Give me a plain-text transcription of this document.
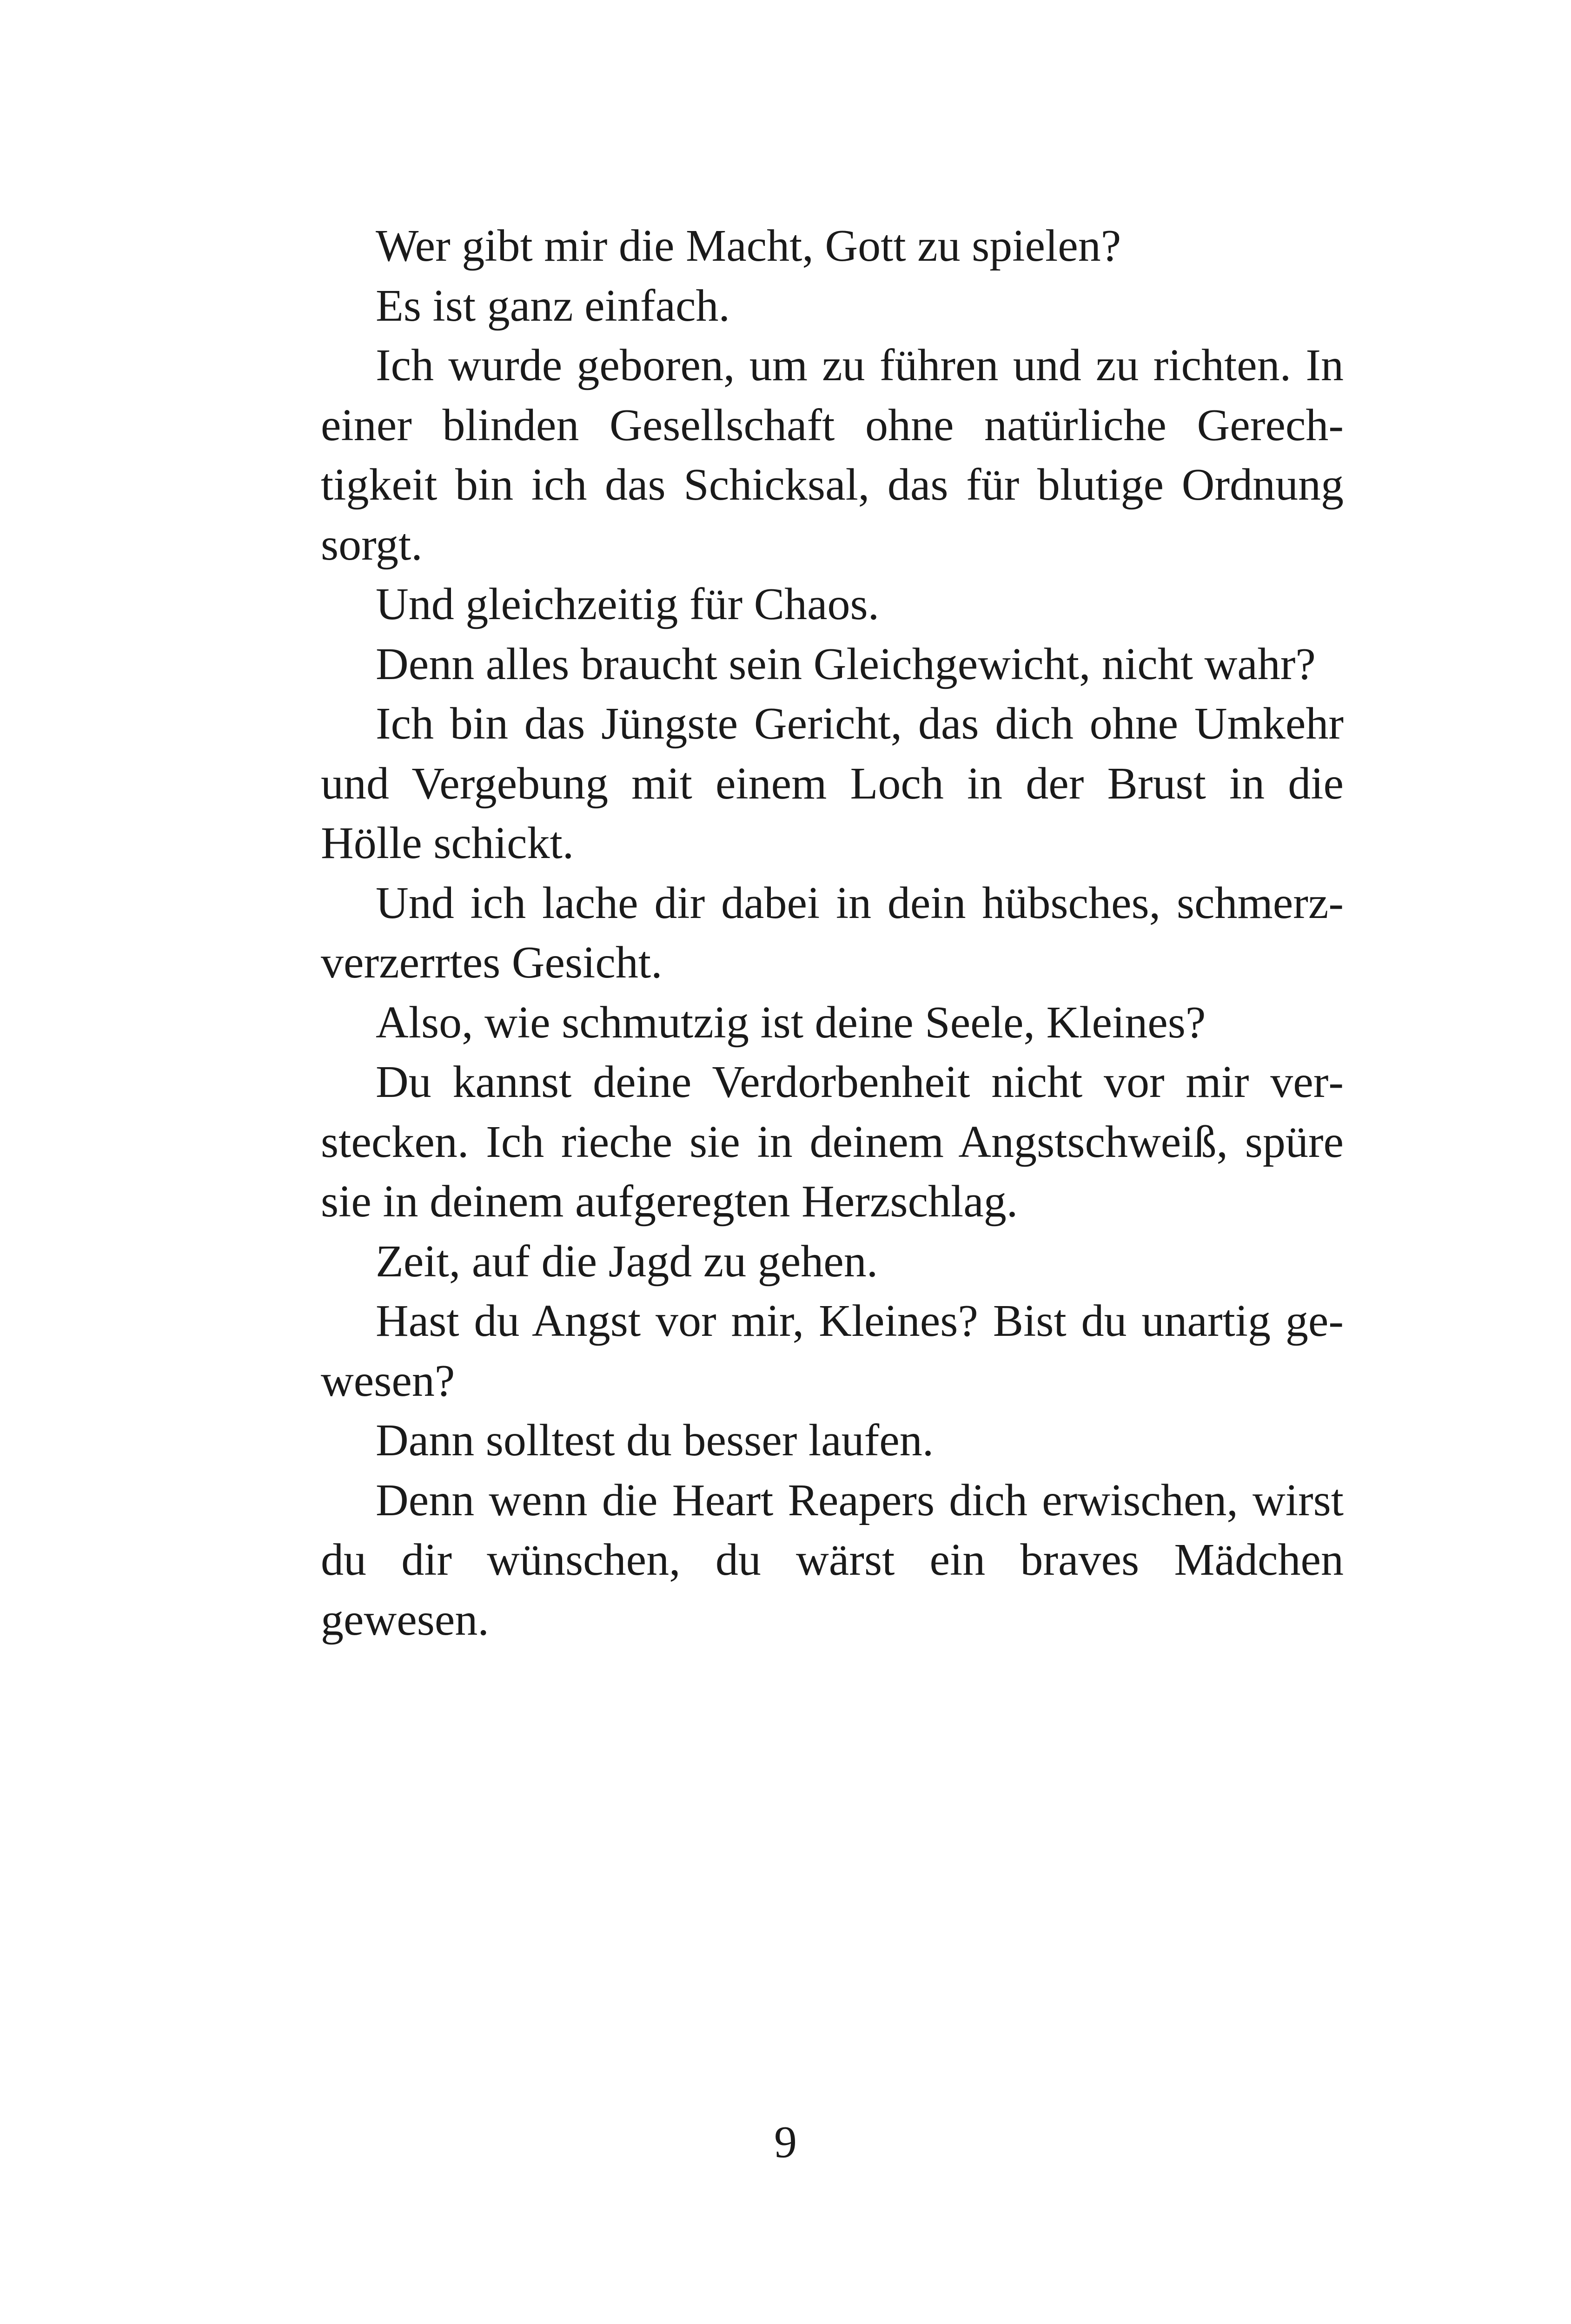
Wer gibt mir die Macht, Gott zu spielen?

Es ist ganz einfach.

Ich wurde geboren, um zu führen und zu richten. In einer blinden Gesellschaft ohne natürliche Gerechtigkeit bin ich das Schicksal, das für blutige Ordnung sorgt.

Und gleichzeitig für Chaos.

Denn alles braucht sein Gleichgewicht, nicht wahr?

Ich bin das Jüngste Gericht, das dich ohne Umkehr und Vergebung mit einem Loch in der Brust in die Hölle schickt.

Und ich lache dir dabei in dein hübsches, schmerzverzerrtes Gesicht.

Also, wie schmutzig ist deine Seele, Kleines?

Du kannst deine Verdorbenheit nicht vor mir verstecken. Ich rieche sie in deinem Angstschweiß, spüre sie in deinem aufgeregten Herzschlag.

Zeit, auf die Jagd zu gehen.

Hast du Angst vor mir, Kleines? Bist du unartig gewesen?

Dann solltest du besser laufen.

Denn wenn die Heart Reapers dich erwischen, wirst du dir wünschen, du wärst ein braves Mädchen gewesen.

9
